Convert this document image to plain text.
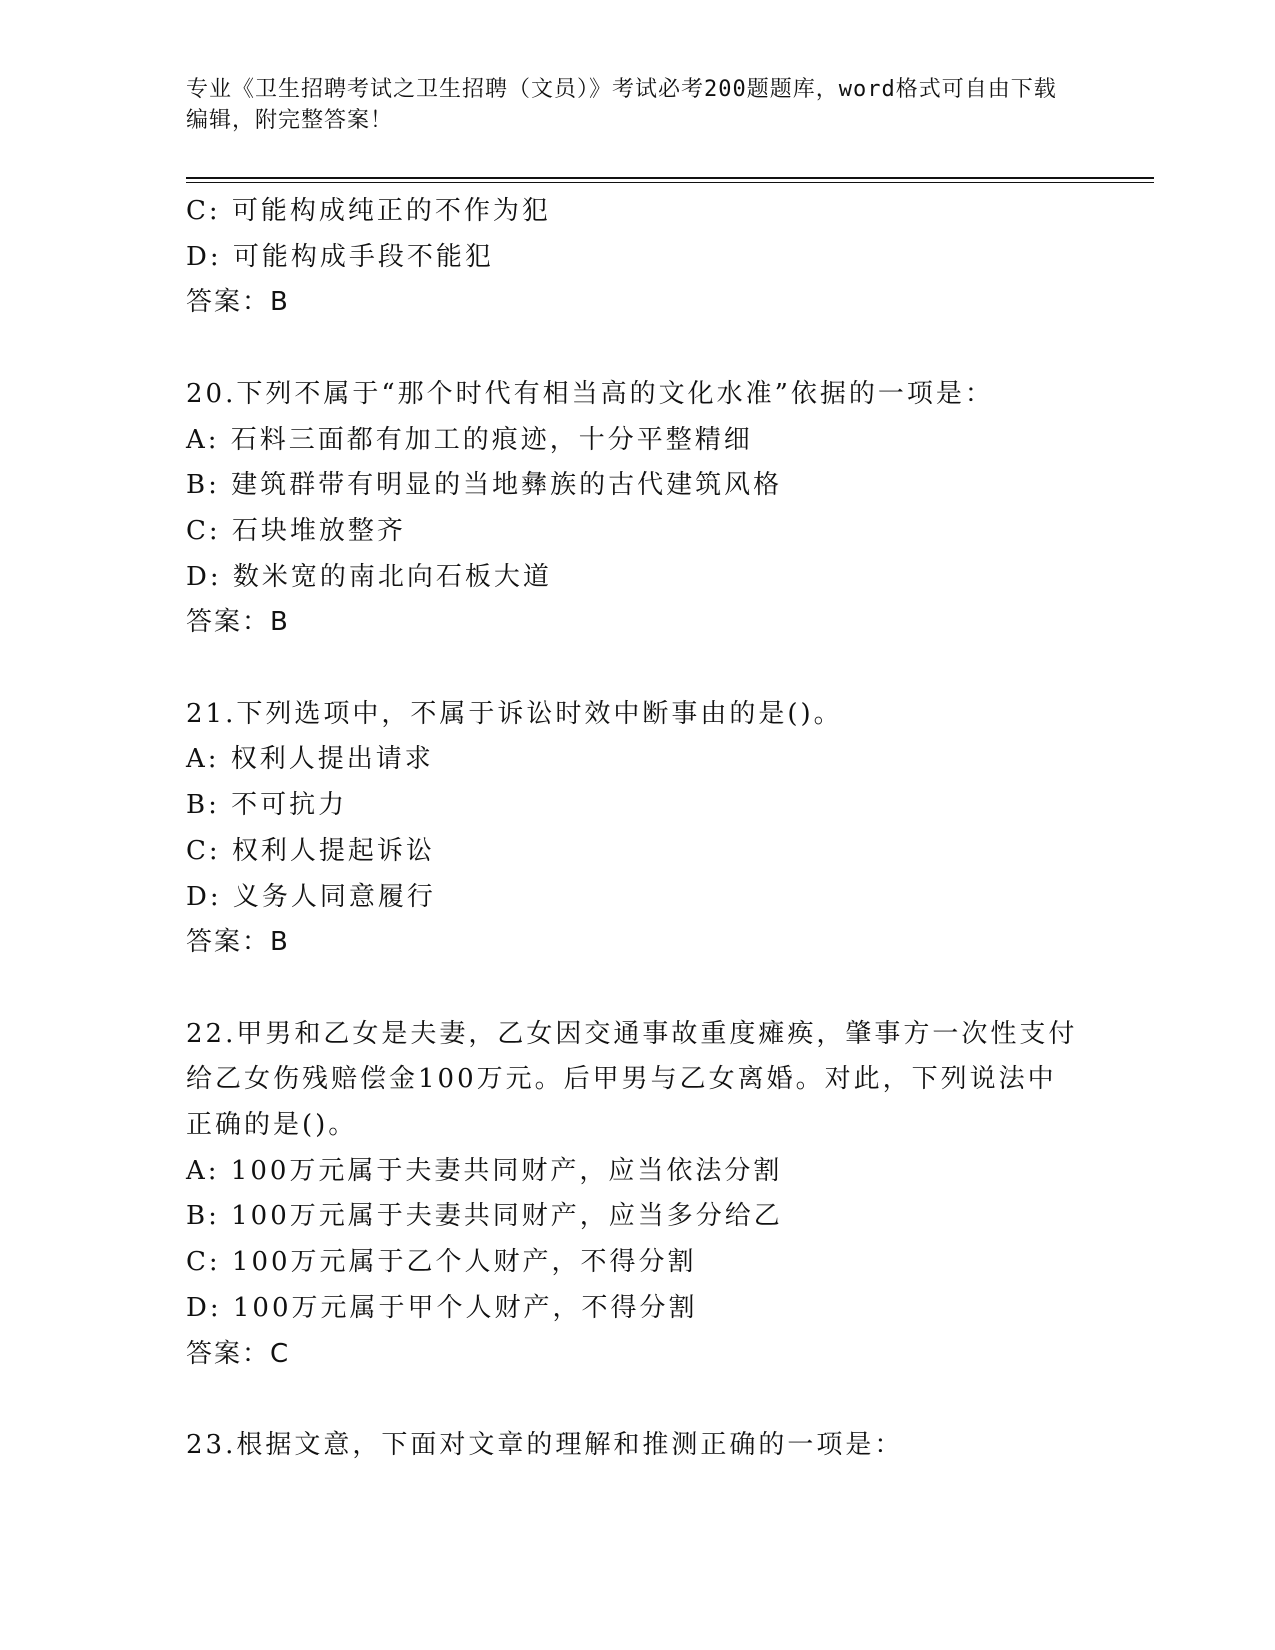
专业《卫生招聘考试之卫生招聘（文员）》考试必考200题题库，word格式可自由下载编辑，附完整答案！
C: 可能构成纯正的不作为犯
D: 可能构成手段不能犯
答案：B
20.下列不属于“那个时代有相当高的文化水准”依据的一项是：
A: 石料三面都有加工的痕迹，十分平整精细
B: 建筑群带有明显的当地彝族的古代建筑风格
C: 石块堆放整齐
D: 数米宽的南北向石板大道
答案：B
21.下列选项中，不属于诉讼时效中断事由的是()。
A: 权利人提出请求
B: 不可抗力
C: 权利人提起诉讼
D: 义务人同意履行
答案：B
22.甲男和乙女是夫妻，乙女因交通事故重度瘫痪，肇事方一次性支付
给乙女伤残赔偿金100万元。后甲男与乙女离婚。对此，下列说法中
正确的是()。
A: 100万元属于夫妻共同财产，应当依法分割
B: 100万元属于夫妻共同财产，应当多分给乙
C: 100万元属于乙个人财产，不得分割
D: 100万元属于甲个人财产，不得分割
答案：C
23.根据文意，下面对文章的理解和推测正确的一项是：
